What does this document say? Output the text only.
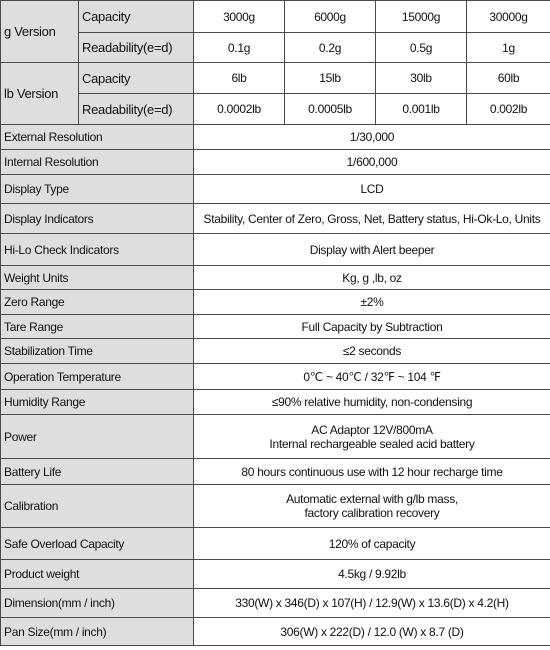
g Version	Capacity	3000g	6000g	15000g	30000g
	Readability(e=d)	0.1g	0.2g	0.5g	1g
lb Version	Capacity	6lb	15lb	30lb	60lb
	Readability(e=d)	0.0002lb	0.0005lb	0.001lb	0.002lb
External Resolution		1/30,000			

Internal Resolution		1/600,000			

Display Type		LCD			

Display Indicators		Stability, Center of Zero, Gross, Net, Battery status, Hi-Ok-Lo, Units			

Hi-Lo Check Indicators		Display with Alert beeper			

Weight Units		Kg, g ,lb, oz			

Zero Range		±2%			

Tare Range		Full Capacity by Subtraction			

Stabilization Time		≤2 seconds			

Operation Temperature		0℃ ~ 40℃ / 32℉ ~ 104 ℉			

Humidity Range		≤90% relative humidity, non-condensing			

Power		AC Adaptor 12V/800mA
Internal rechargeable sealed acid battery			

Battery Life		80 hours continuous use with 12 hour recharge time			

Calibration		Automatic external with g/lb mass,
factory calibration recovery			

Safe Overload Capacity		120% of capacity			

Product weight		4.5kg / 9.92lb			

Dimension(mm / inch)		330(W) x 346(D) x 107(H) / 12.9(W) x 13.6(D) x 4.2(H)			

Pan Size(mm / inch)		306(W) x 222(D) / 12.0 (W) x 8.7 (D)			
